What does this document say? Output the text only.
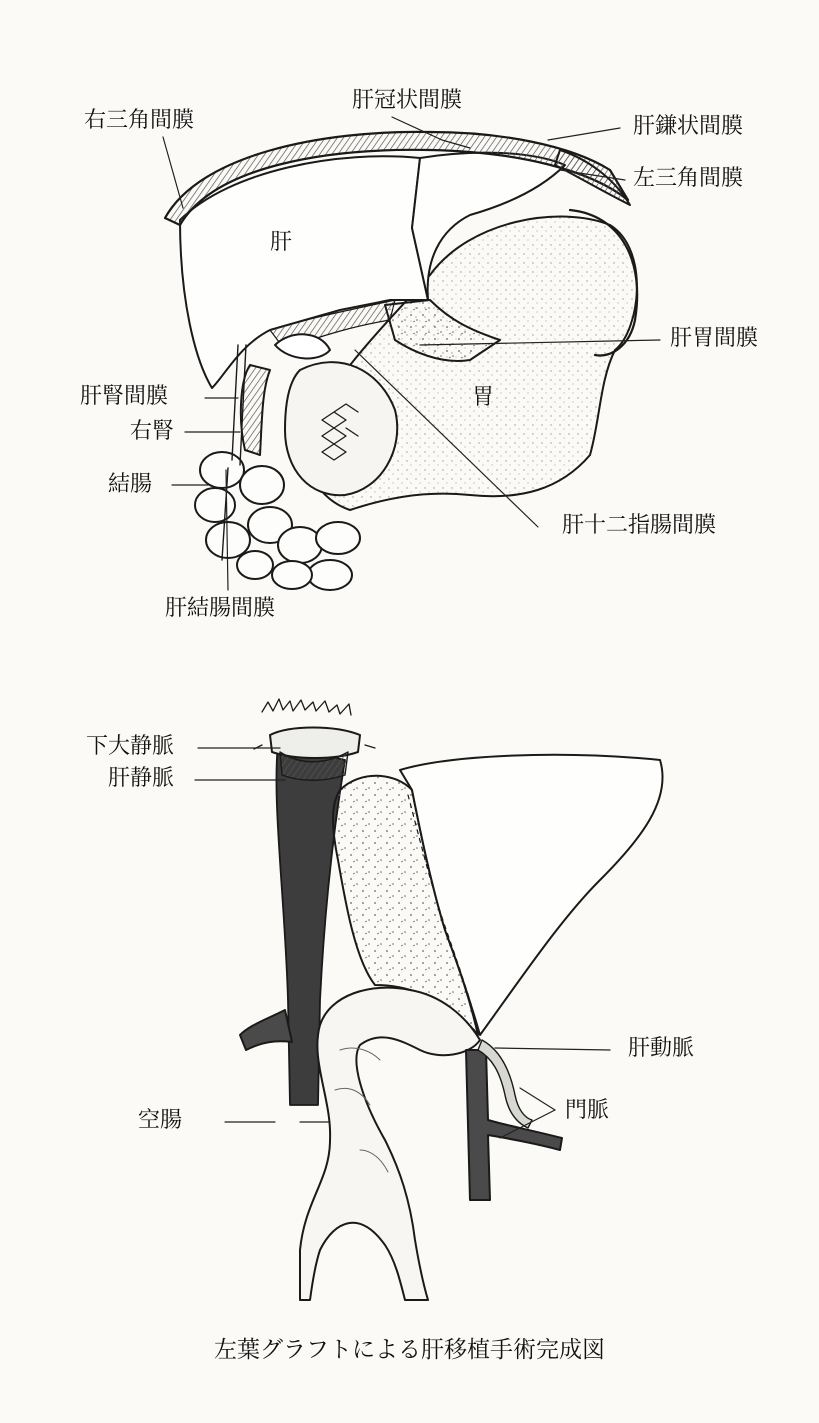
右三角間膜
肝冠状間膜
肝鎌状間膜
左三角間膜
肝
肝胃間膜
胃
肝腎間膜
右腎
結腸
肝十二指腸間膜
肝結腸間膜
下大静脈
肝静脈
肝動脈
門脈
空腸
左葉グラフトによる肝移植手術完成図
